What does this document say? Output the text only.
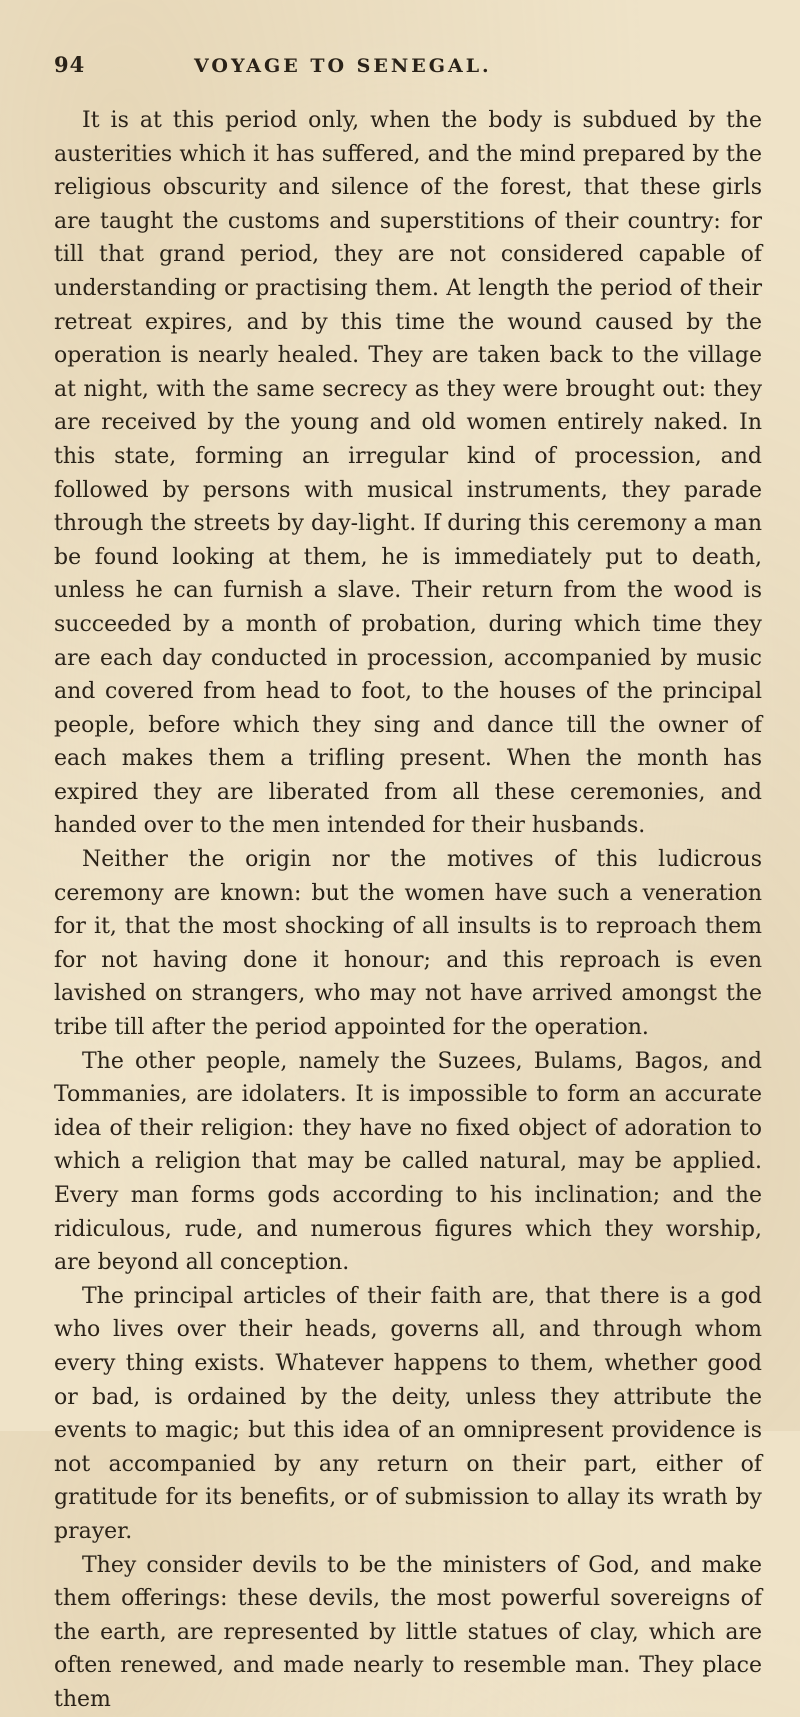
94	VOYAGE TO SENEGAL.

It is at this period only, when the body is subdued by the austerities which it has suffered, and the mind prepared by the religious obscurity and silence of the forest, that these girls are taught the customs and superstitions of their country: for till that grand period, they are not considered capable of understanding or practising them. At length the period of their retreat expires, and by this time the wound caused by the operation is nearly healed. They are taken back to the village at night, with the same secrecy as they were brought out: they are received by the young and old women entirely naked. In this state, forming an irregular kind of procession, and followed by persons with musical instruments, they parade through the streets by day-light. If during this ceremony a man be found looking at them, he is immediately put to death, unless he can furnish a slave. Their return from the wood is succeeded by a month of probation, during which time they are each day conducted in procession, accompanied by music and covered from head to foot, to the houses of the principal people, before which they sing and dance till the owner of each makes them a trifling present. When the month has expired they are liberated from all these ceremonies, and handed over to the men intended for their husbands.

Neither the origin nor the motives of this ludicrous ceremony are known: but the women have such a veneration for it, that the most shocking of all insults is to reproach them for not having done it honour; and this reproach is even lavished on strangers, who may not have arrived amongst the tribe till after the period appointed for the operation.

The other people, namely the Suzees, Bulams, Bagos, and Tommanies, are idolaters. It is impossible to form an accurate idea of their religion: they have no fixed object of adoration to which a religion that may be called natural, may be applied. Every man forms gods according to his inclination; and the ridiculous, rude, and numerous figures which they worship, are beyond all conception.

The principal articles of their faith are, that there is a god who lives over their heads, governs all, and through whom every thing exists. Whatever happens to them, whether good or bad, is ordained by the deity, unless they attribute the events to magic; but this idea of an omnipresent providence is not accompanied by any return on their part, either of gratitude for its benefits, or of submission to allay its wrath by prayer.

They consider devils to be the ministers of God, and make them offerings: these devils, the most powerful sovereigns of the earth, are represented by little statues of clay, which are often renewed, and made nearly to resemble man. They place them
